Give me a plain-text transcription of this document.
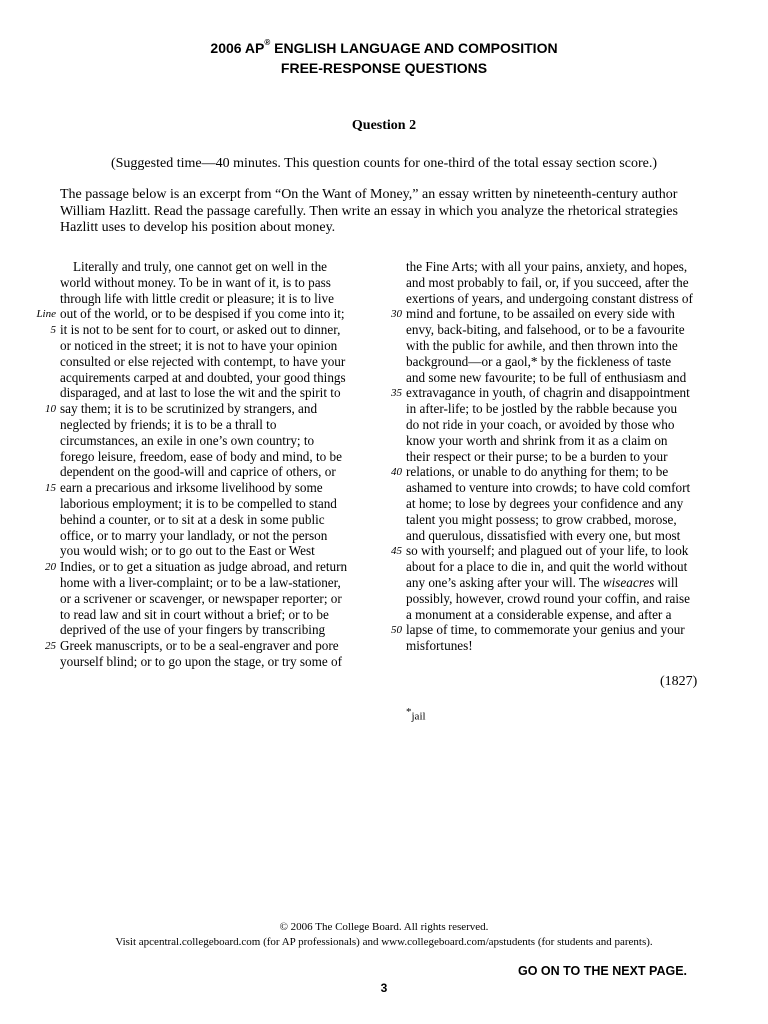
2006 AP® ENGLISH LANGUAGE AND COMPOSITION
FREE-RESPONSE QUESTIONS
Question 2
(Suggested time—40 minutes. This question counts for one-third of the total essay section score.)
The passage below is an excerpt from “On the Want of Money,” an essay written by nineteenth-century author
William Hazlitt. Read the passage carefully. Then write an essay in which you analyze the rhetorical strategies
Hazlitt uses to develop his position about money.
Literally and truly, one cannot get on well in the
world without money. To be in want of it, is to pass
through life with little credit or pleasure; it is to live
out of the world, or to be despised if you come into it;
it is not to be sent for to court, or asked out to dinner,
or noticed in the street; it is not to have your opinion
consulted or else rejected with contempt, to have your
acquirements carped at and doubted, your good things
disparaged, and at last to lose the wit and the spirit to
say them; it is to be scrutinized by strangers, and
neglected by friends; it is to be a thrall to
circumstances, an exile in one’s own country; to
forego leisure, freedom, ease of body and mind, to be
dependent on the good-will and caprice of others, or
earn a precarious and irksome livelihood by some
laborious employment; it is to be compelled to stand
behind a counter, or to sit at a desk in some public
office, or to marry your landlady, or not the person
you would wish; or to go out to the East or West
Indies, or to get a situation as judge abroad, and return
home with a liver-complaint; or to be a law-stationer,
or a scrivener or scavenger, or newspaper reporter; or
to read law and sit in court without a brief; or to be
deprived of the use of your fingers by transcribing
Greek manuscripts, or to be a seal-engraver and pore
yourself blind; or to go upon the stage, or try some of
Line
5
10
15
20
25
the Fine Arts; with all your pains, anxiety, and hopes,
and most probably to fail, or, if you succeed, after the
exertions of years, and undergoing constant distress of
mind and fortune, to be assailed on every side with
envy, back-biting, and falsehood, or to be a favourite
with the public for awhile, and then thrown into the
background—or a gaol,* by the fickleness of taste
and some new favourite; to be full of enthusiasm and
extravagance in youth, of chagrin and disappointment
in after-life; to be jostled by the rabble because you
do not ride in your coach, or avoided by those who
know your worth and shrink from it as a claim on
their respect or their purse; to be a burden to your
relations, or unable to do anything for them; to be
ashamed to venture into crowds; to have cold comfort
at home; to lose by degrees your confidence and any
talent you might possess; to grow crabbed, morose,
and querulous, dissatisfied with every one, but most
so with yourself; and plagued out of your life, to look
about for a place to die in, and quit the world without
any one’s asking after your will. The wiseacres will
possibly, however, crowd round your coffin, and raise
a monument at a considerable expense, and after a
lapse of time, to commemorate your genius and your
misfortunes!
30
35
40
45
50
(1827)
*jail
© 2006 The College Board. All rights reserved.
Visit apcentral.collegeboard.com (for AP professionals) and www.collegeboard.com/apstudents (for students and parents).
GO ON TO THE NEXT PAGE.
3
